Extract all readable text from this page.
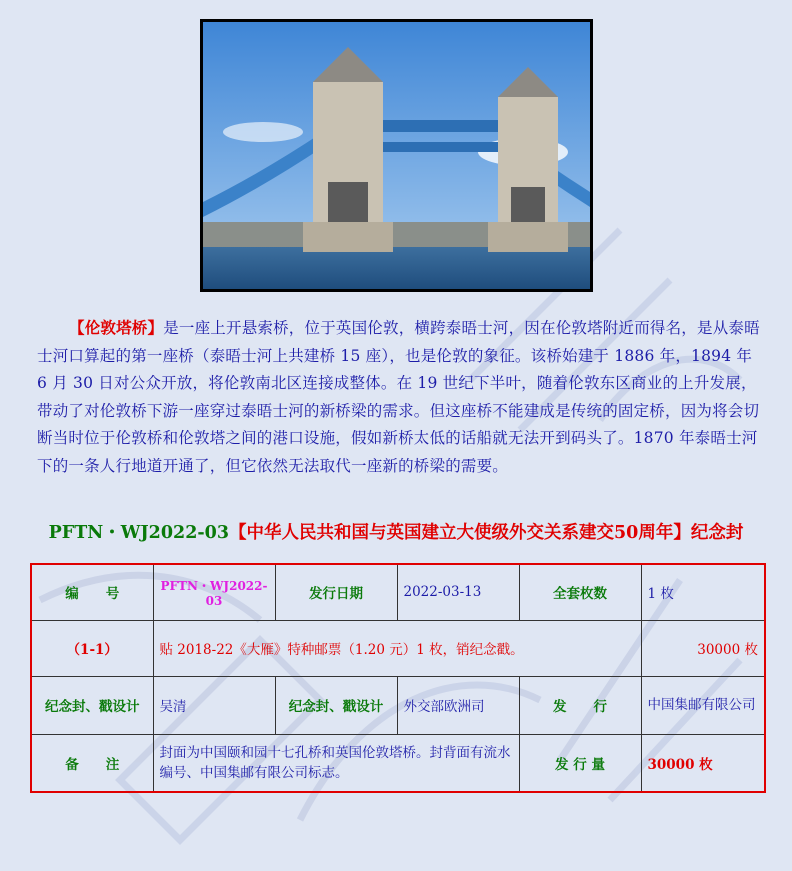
【伦敦塔桥】是一座上开悬索桥，位于英国伦敦，横跨泰晤士河，因在伦敦塔附近而得名，是从泰晤士河口算起的第一座桥（泰晤士河上共建桥 15 座），也是伦敦的象征。该桥始建于 1886 年，1894 年 6 月 30 日对公众开放，将伦敦南北区连接成整体。在 19 世纪下半叶，随着伦敦东区商业的上升发展，带动了对伦敦桥下游一座穿过泰晤士河的新桥梁的需求。但这座桥不能建成是传统的固定桥，因为将会切断当时位于伦敦桥和伦敦塔之间的港口设施，假如新桥太低的话船就无法开到码头了。1870 年泰晤士河下的一条人行地道开通了，但它依然无法取代一座新的桥梁的需要。

PFTN・WJ2022-03【中华人民共和国与英国建立大使级外交关系建交50周年】纪念封

编　　号	PFTN・WJ2022-03	发行日期	2022-03-13	全套枚数	1 枚
（1-1）	贴 2018-22《大雁》特种邮票（1.20 元）1 枚，销纪念戳。				30000 枚
纪念封、戳设计	吴清	纪念封、戳设计	外交部欧洲司	发　　行	中国集邮有限公司
备　　注	封面为中国颐和园十七孔桥和英国伦敦塔桥。封背面有流水编号、中国集邮有限公司标志。			发 行 量	30000 枚
